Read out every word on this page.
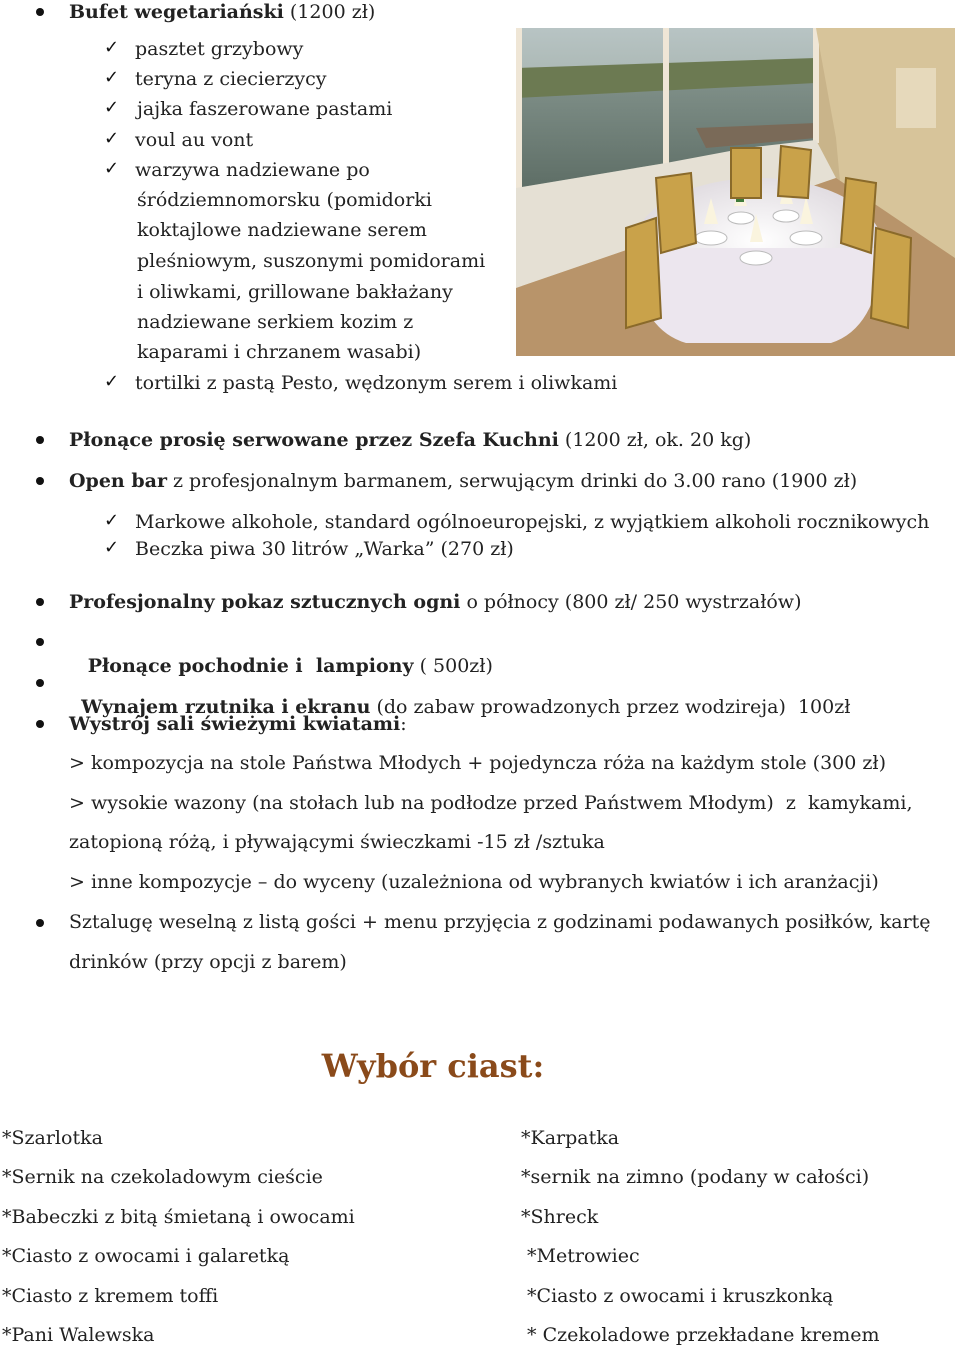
Bufet wegetariański (1200 zł)
✓ pasztet grzybowy
✓ teryna z ciecierzycy
✓ jajka faszerowane pastami
✓ voul au vont
✓ warzywa nadziewane po
śródziemnomorsku (pomidorki
koktajlowe nadziewane serem
pleśniowym, suszonymi pomidorami
i oliwkami, grillowane bakłażany
nadziewane serkiem kozim z
kaparami i chrzanem wasabi)
✓ tortilki z pastą Pesto, wędzonym serem i oliwkami
Płonące prosię serwowane przez Szefa Kuchni (1200 zł, ok. 20 kg)
Open bar z profesjonalnym barmanem, serwującym drinki do 3.00 rano (1900 zł)
✓ Markowe alkohole, standard ogólnoeuropejski, z wyjątkiem alkoholi rocznikowych
✓ Beczka piwa 30 litrów „Warka” (270 zł)
Profesjonalny pokaz sztucznych ogni o północy (800 zł/ 250 wystrzałów)

Płonące pochodnie i  lampiony ( 500zł)

Wynajem rzutnika i ekranu (do zabaw prowadzonych przez wodzireja)  100zł

Wystrój sali świeżymi kwiatami:
> kompozycja na stole Państwa Młodych + pojedyncza róża na każdym stole (300 zł)
> wysokie wazony (na stołach lub na podłodze przed Państwem Młodym)  z  kamykami,
zatopioną różą, i pływającymi świeczkami -15 zł /sztuka
> inne kompozycje – do wyceny (uzależniona od wybranych kwiatów i ich aranżacji)
Sztalugę weselną z listą gości + menu przyjęcia z godzinami podawanych posiłków, kartę
drinków (przy opcji z barem)
Wybór ciast:
*Szarlotka
*Sernik na czekoladowym cieście
*Babeczki z bitą śmietaną i owocami
*Ciasto z owocami i galaretką
*Ciasto z kremem toffi
*Pani Walewska
*Karpatka
*sernik na zimno (podany w całości)
*Shreck
*Metrowiec
*Ciasto z owocami i kruszkonką
* Czekoladowe przekładane kremem
